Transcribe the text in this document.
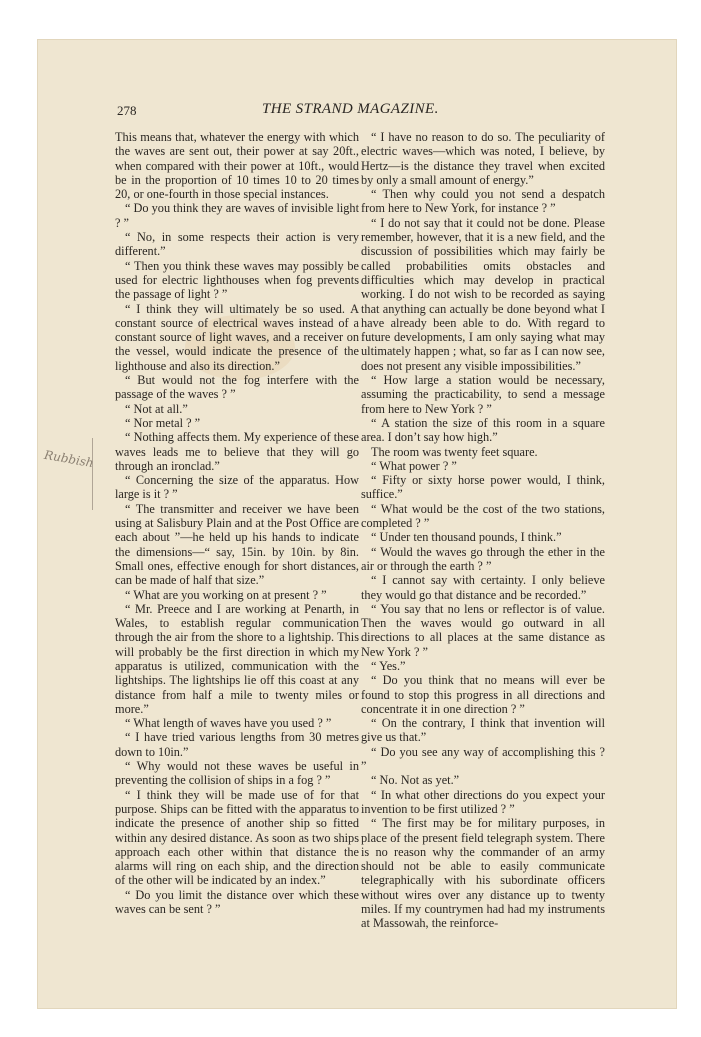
278	THE STRAND MAGAZINE.
Rubbish

This means that, whatever the energy with which the waves are sent out, their power at say 20ft., when compared with their power at 10ft., would be in the proportion of 10 times 10 to 20 times 20, or one-fourth in those special instances.

“ Do you think they are waves of invisible light ? ”

“ No, in some respects their action is very different.”

“ Then you think these waves may possibly be used for electric lighthouses when fog prevents the passage of light ? ”

“ I think they will ultimately be so used. A constant source of electrical waves instead of a constant source of light waves, and a receiver on the vessel, would indicate the presence of the lighthouse and also its direction.”

“ But would not the fog interfere with the passage of the waves ? ”

“ Not at all.”

“ Nor metal ? ”

“ Nothing affects them. My experience of these waves leads me to believe that they will go through an ironclad.”

“ Concerning the size of the apparatus. How large is it ? ”

“ The transmitter and receiver we have been using at Salisbury Plain and at the Post Office are each about ”—he held up his hands to indicate the dimensions—“ say, 15in. by 10in. by 8in. Small ones, effective enough for short distances, can be made of half that size.”

“ What are you working on at present ? ”

“ Mr. Preece and I are working at Penarth, in Wales, to establish regular communication through the air from the shore to a lightship. This will probably be the first direction in which my apparatus is utilized, communication with the lightships. The lightships lie off this coast at any distance from half a mile to twenty miles or more.”

“ What length of waves have you used ? ”

“ I have tried various lengths from 30 metres down to 10in.”

“ Why would not these waves be useful in preventing the collision of ships in a fog ? ”

“ I think they will be made use of for that purpose. Ships can be fitted with the apparatus to indicate the presence of another ship so fitted within any desired distance. As soon as two ships approach each other within that distance the alarms will ring on each ship, and the direction of the other will be indicated by an index.”

“ Do you limit the distance over which these waves can be sent ? ”

“ I have no reason to do so. The peculiarity of electric waves—which was noted, I believe, by Hertz—is the distance they travel when excited by only a small amount of energy.”

“ Then why could you not send a despatch from here to New York, for instance ? ”

“ I do not say that it could not be done. Please remember, however, that it is a new field, and the discussion of possibilities which may fairly be called probabilities omits obstacles and difficulties which may develop in practical working. I do not wish to be recorded as saying that anything can actually be done beyond what I have already been able to do. With regard to future developments, I am only saying what may ultimately happen ; what, so far as I can now see, does not present any visible impossibilities.”

“ How large a station would be necessary, assuming the practicability, to send a message from here to New York ? ”

“ A station the size of this room in a square area. I don’t say how high.”

The room was twenty feet square.

“ What power ? ”

“ Fifty or sixty horse power would, I think, suffice.”

“ What would be the cost of the two stations, completed ? ”

“ Under ten thousand pounds, I think.”

“ Would the waves go through the ether in the air or through the earth ? ”

“ I cannot say with certainty. I only believe they would go that distance and be recorded.”

“ You say that no lens or reflector is of value. Then the waves would go outward in all directions to all places at the same distance as New York ? ”

“ Yes.”

“ Do you think that no means will ever be found to stop this progress in all directions and concentrate it in one direction ? ”

“ On the contrary, I think that invention will give us that.”

“ Do you see any way of accomplishing this ? ”

“ No. Not as yet.”

“ In what other directions do you expect your invention to be first utilized ? ”

“ The first may be for military purposes, in place of the present field telegraph system. There is no reason why the commander of an army should not be able to easily communicate telegraphically with his subordinate officers without wires over any distance up to twenty miles. If my countrymen had had my instruments at Massowah, the reinforce-
